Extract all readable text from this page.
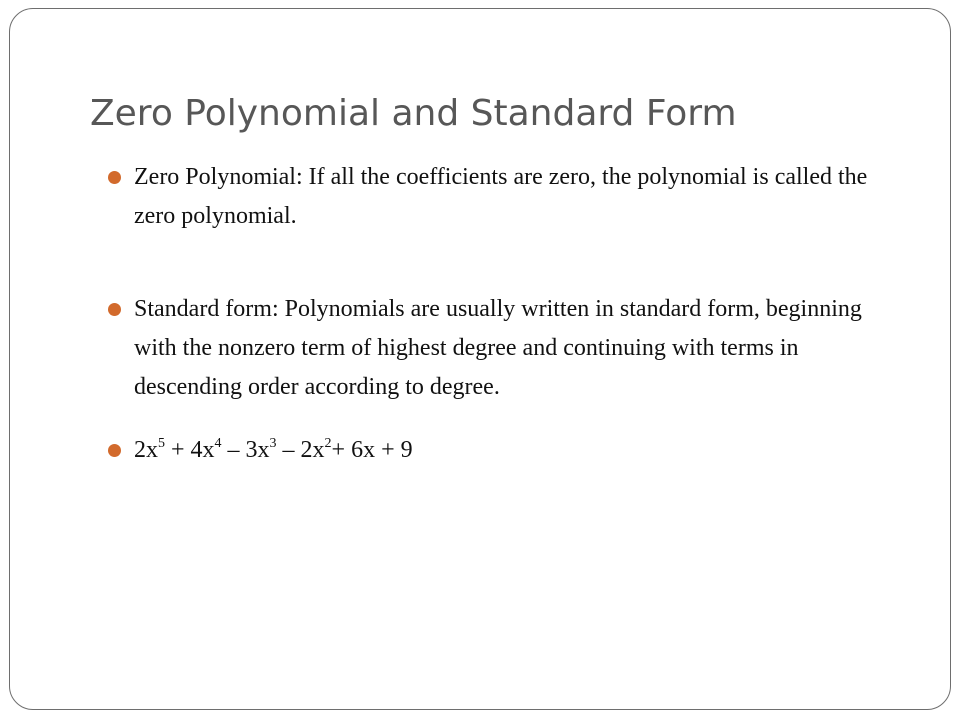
Zero Polynomial and Standard Form
Zero Polynomial: If all the coefficients are zero, the polynomial is called the zero polynomial.
Standard form: Polynomials are usually written in standard form, beginning with the nonzero term of highest degree and continuing with terms in descending order according to degree.
$2x^5 + 4x^4 - 3x^3 - 2x^2+ 6x + 9$
